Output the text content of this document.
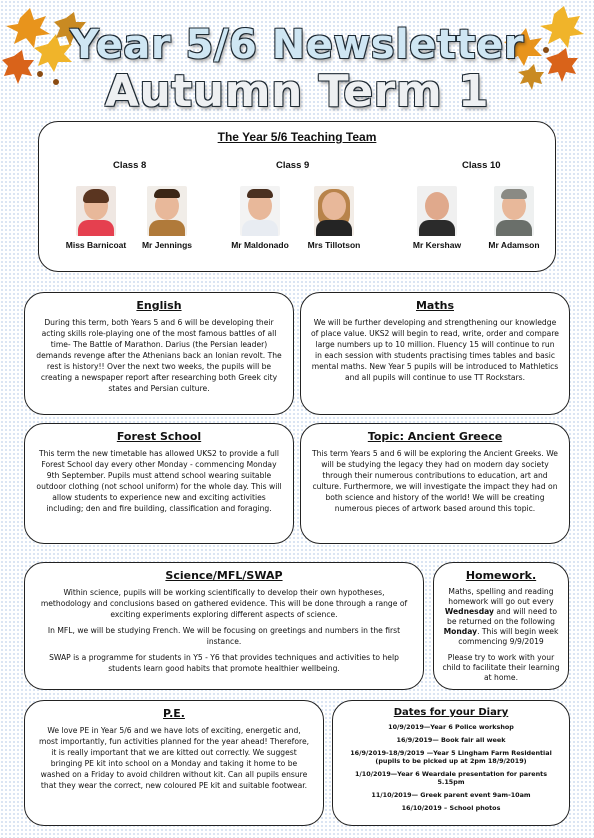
Year 5/6 Newsletter
Autumn Term 1
The Year 5/6 Teaching Team
Class 8	Class 9	Class 10
Miss Barnicoat	Mr Jennings	Mr Maldonado	Mrs Tillotson	Mr Kershaw	Mr Adamson
English

During this term, both Years 5 and 6 will be developing their acting skills role-playing one of the most famous battles of all time- The Battle of Marathon. Darius (the Persian leader) demands revenge after the Athenians back an Ionian revolt. The rest is history!! Over the next two weeks, the pupils will be creating a newspaper report after researching both Greek city states and Persian culture.

Maths

We will be further developing and strengthening our knowledge of place value. UKS2 will begin to read, write, order and compare large numbers up to 10 million. Fluency 15 will continue to run in each session with students practising times tables and basic mental maths. New Year 5 pupils will be introduced to Mathletics and all pupils will continue to use TT Rockstars.

Forest School

This term the new timetable has allowed UKS2 to provide a full Forest School day every other Monday - commencing Monday 9th September. Pupils must attend school wearing suitable outdoor clothing (not school uniform) for the whole day. This will allow students to experience new and exciting activities including; den and fire building, classification and foraging.

Topic: Ancient Greece

This term Years 5 and 6 will be exploring the Ancient Greeks. We will be studying the legacy they had on modern day society through their numerous contributions to education, art and culture. Furthermore, we will investigate the impact they had on both science and history of the world! We will be creating numerous pieces of artwork based around this topic.

Science/MFL/SWAP

Within science, pupils will be working scientifically to develop their own hypotheses, methodology and conclusions based on gathered evidence. This will be done through a range of exciting experiments exploring different aspects of science.

In MFL, we will be studying French. We will be focusing on greetings and numbers in the first instance.

SWAP is a programme for students in Y5 - Y6 that provides techniques and activities to help students learn good habits that promote healthier wellbeing.

Homework.

Maths, spelling and reading homework will go out every Wednesday and will need to be returned on the following Monday. This will begin week commencing 9/9/2019

Please try to work with your child to facilitate their learning at home.

P.E.

We love PE in Year 5/6 and we have lots of exciting, energetic and, most importantly, fun activities planned for the year ahead! Therefore, it is really important that we are kitted out correctly. We suggest bringing PE kit into school on a Monday and taking it home to be washed on a Friday to avoid children without kit. Can all pupils ensure that they wear the correct, new coloured PE kit and suitable footwear.

Dates for your Diary

10/9/2019—Year 6 Police workshop

16/9/2019— Book fair all week

16/9/2019-18/9/2019 —Year 5 Lingham Farm Residential (pupils to be picked up at 2pm 18/9/2019)

1/10/2019—Year 6 Weardale presentation for parents 5.15pm

11/10/2019— Greek parent event 9am-10am

16/10/2019 – School photos
